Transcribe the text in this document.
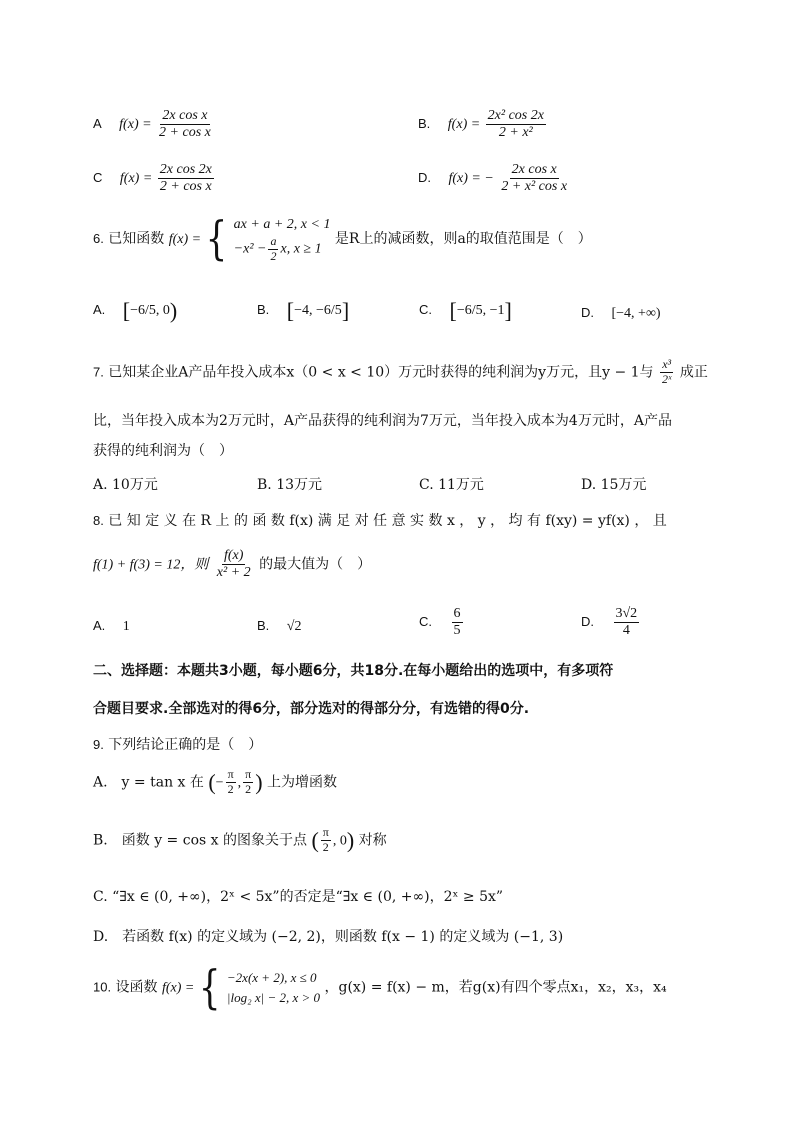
A $f(x) = \frac{\text{2x cos x}}{\text{2 + cos x}}$	B. $f(x) = \frac{\text{2x² cos 2x}}{\text{2 + x²}}$
C $f(x) = \frac{\text{2x cos 2x}}{\text{2 + cos x}}$	D. f(x) = − $\frac{\text{2x cos x}}{\text{2 + x² cos x}}$
6. 已知函数 f(x) = { ax + a + 2, x < 1
$-x^2 - \frac{a}{2} x$, x ≥ 1
是R上的减函数，则a的取值范围是（　）
A. [−6/5, 0)	B. [−4, −6/5]	C. [−6/5, −1]	D. [−4, +∞)
7. 已知某企业A产品年投入成本x（0 < x < 10）万元时获得的纯利润为y万元，且y − 1与 $\frac{\text{x³}}{\text{2ˣ}}$ 成正
比，当年投入成本为2万元时，A产品获得的纯利润为7万元，当年投入成本为4万元时，A产品
获得的纯利润为（　）
A. 10万元	B. 13万元	C. 11万元	D. 15万元
8. 已 知 定 义 在 R 上 的 函 数 f(x) 满 足 对 任 意 实 数 x ， y ， 均 有 f(xy) = yf(x) ， 且
f(1) + f(3) = 12，则 $\frac{f(x)}{\text{x² + 2}}$ 的最大值为（　）
A. 1	B. √2	C. $\frac{6}{5}$	D. $\frac{3√2}{4}$
二、选择题：本题共3小题，每小题6分，共18分.在每小题给出的选项中，有多项符
合题目要求.全部选对的得6分，部分选对的得部分分，有选错的得0分.
9. 下列结论正确的是（　）
A.　y = tan x 在 (− $\frac{\pi}{2}$ , $\frac{\pi}{2}$ ) 上为增函数
B.　函数 y = cos x 的图象关于点 ( $\frac{\pi}{2}$ , 0) 对称
C. “∃x ∈ (0, +∞)，2ˣ < 5x”的否定是“∃x ∈ (0, +∞)，2ˣ ≥ 5x”
D.　若函数 f(x) 的定义域为 (−2, 2)，则函数 f(x − 1) 的定义域为 (−1, 3)
10. 设函数 f(x) = { −2x(x + 2), x ≤ 0
|log₂ x| − 2, x > 0
，g(x) = f(x) − m，若g(x)有四个零点x₁，x₂，x₃，x₄
